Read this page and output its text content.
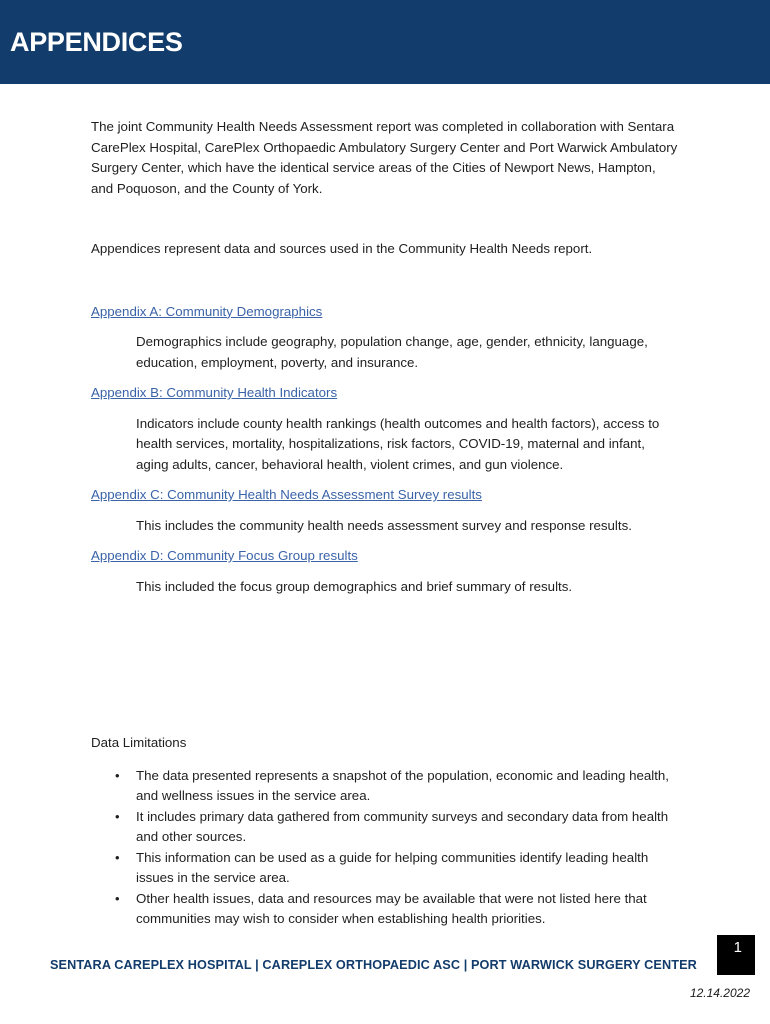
APPENDICES

The joint Community Health Needs Assessment report was completed in collaboration with Sentara CarePlex Hospital, CarePlex Orthopaedic Ambulatory Surgery Center and Port Warwick Ambulatory Surgery Center, which have the identical service areas of the Cities of Newport News, Hampton, and Poquoson, and the County of York.

Appendices represent data and sources used in the Community Health Needs report.

Appendix A: Community Demographics

Demographics include geography, population change, age, gender, ethnicity, language, education, employment, poverty, and insurance.

Appendix B: Community Health Indicators

Indicators include county health rankings (health outcomes and health factors), access to health services, mortality, hospitalizations, risk factors, COVID-19, maternal and infant, aging adults, cancer, behavioral health, violent crimes, and gun violence.

Appendix C: Community Health Needs Assessment Survey results

This includes the community health needs assessment survey and response results.

Appendix D: Community Focus Group results

This included the focus group demographics and brief summary of results.

Data Limitations

• The data presented represents a snapshot of the population, economic and leading health, and wellness issues in the service area.
• It includes primary data gathered from community surveys and secondary data from health and other sources.
• This information can be used as a guide for helping communities identify leading health issues in the service area.
• Other health issues, data and resources may be available that were not listed here that communities may wish to consider when establishing health priorities.
SENTARA CAREPLEX HOSPITAL | CAREPLEX ORTHOPAEDIC ASC | PORT WARWICK SURGERY CENTER
1
12.14.2022
